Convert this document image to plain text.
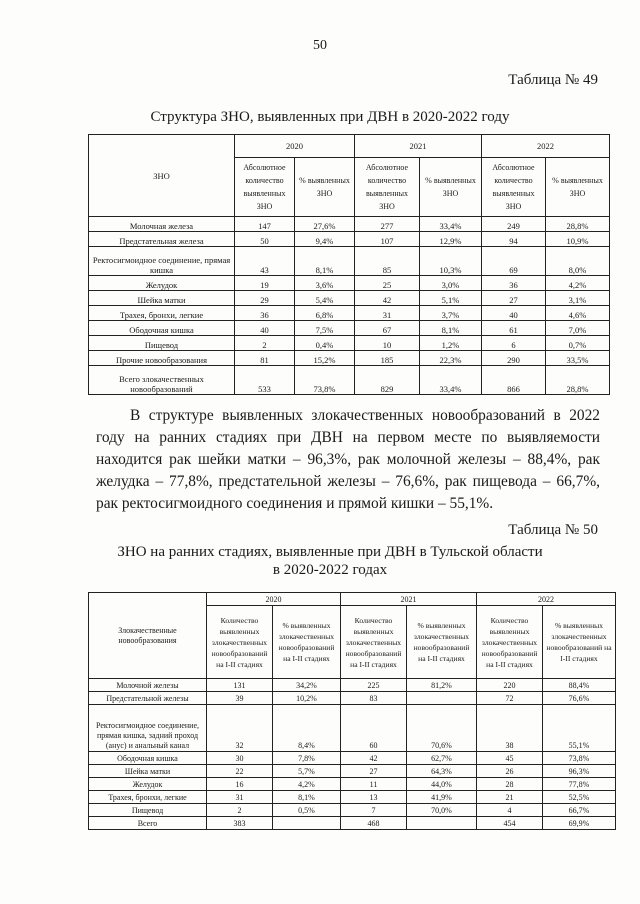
50
Таблица № 49
Структура ЗНО, выявленных при ДВН в 2020-2022 году
ЗНО	2020		2021		2022	
	Абсолютное количество выявленных ЗНО	% выявленных ЗНО	Абсолютное количество выявленных ЗНО	% выявленных ЗНО	Абсолютное количество выявленных ЗНО	% выявленных ЗНО
Молочная железа	147	27,6%	277	33,4%	249	28,8%
Предстательная железа	50	9,4%	107	12,9%	94	10,9%
Ректосигмоидное соединение, прямая кишка	43	8,1%	85	10,3%	69	8,0%
Желудок	19	3,6%	25	3,0%	36	4,2%
Шейка матки	29	5,4%	42	5,1%	27	3,1%
Трахея, бронхи, легкие	36	6,8%	31	3,7%	40	4,6%
Ободочная кишка	40	7,5%	67	8,1%	61	7,0%
Пищевод	2	0,4%	10	1,2%	6	0,7%
Прочие новообразования	81	15,2%	185	22,3%	290	33,5%
Всего злокачественных новообразований	533	73,8%	829	33,4%	866	28,8%
В структуре выявленных злокачественных новообразований в 2022 году на ранних стадиях при ДВН на первом месте по выявляемости находится рак шейки матки – 96,3%, рак молочной железы – 88,4%, рак желудка – 77,8%, предстательной железы – 76,6%, рак пищевода – 66,7%, рак ректосигмоидного соединения и прямой кишки – 55,1%.
Таблица № 50
ЗНО на ранних стадиях, выявленные при ДВН в Тульской области
в 2020-2022 годах
Злокачественные новообразования	2020		2021		2022	
	Количество выявленных злокачественных новообразований на I-II стадиях	% выявленных злокачественных новообразований на I-II стадиях	Количество выявленных злокачественных новообразований на I-II стадиях	% выявленных злокачественных новообразований на I-II стадиях	Количество выявленных злокачественных новообразований на I-II стадиях	% выявленных злокачественных новообразований на I-II стадиях
Молочной железы	131	34,2%	225	81,2%	220	88,4%
Предстательной железы	39	10,2%	83		72	76,6%
Ректосигмоидное соединение, прямая кишка, задний проход (анус) и анальный канал	32	8,4%	60	70,6%	38	55,1%
Ободочная кишка	30	7,8%	42	62,7%	45	73,8%
Шейка матки	22	5,7%	27	64,3%	26	96,3%
Желудок	16	4,2%	11	44,0%	28	77,8%
Трахея, бронхи, легкие	31	8,1%	13	41,9%	21	52,5%
Пищевод	2	0,5%	7	70,0%	4	66,7%
Всего	383		468		454	69,9%
